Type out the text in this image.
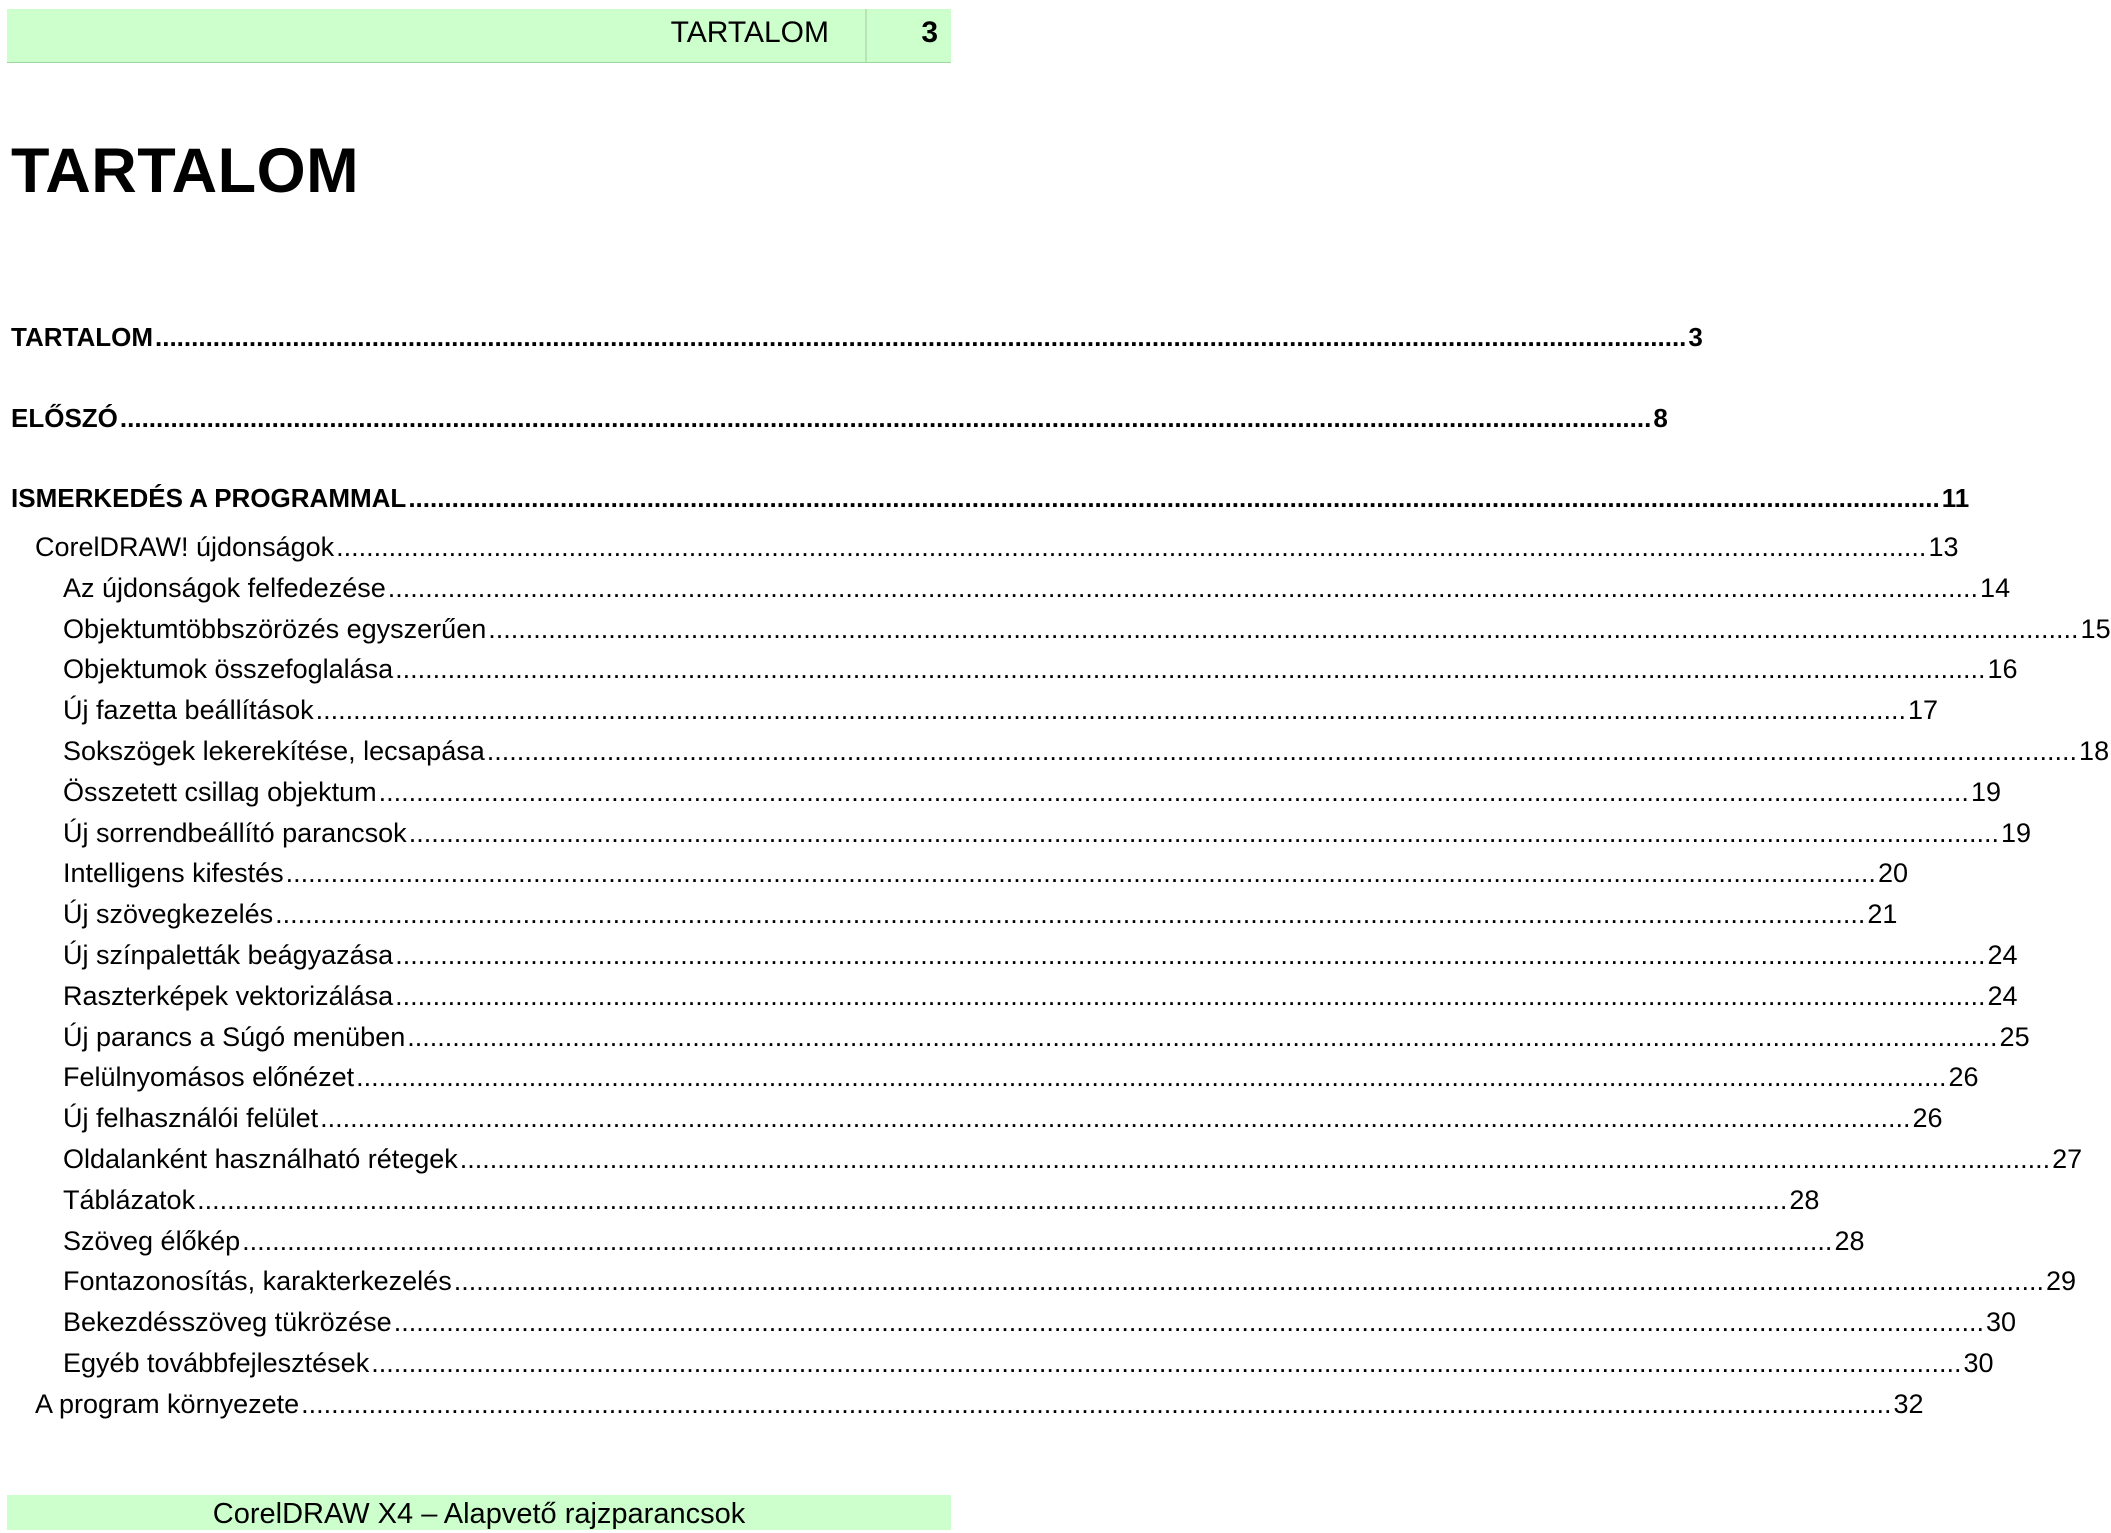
TARTALOM	3
TARTALOM
TARTALOM .................................................................................................................................................................................................................... 3
ELŐSZÓ .................................................................................................................................................................................................................... 8
ISMERKEDÉS A PROGRAMMAL .................................................................................................................................................................................................................... 11
CorelDRAW! újdonságok .................................................................................................................................................................................................................... 13
Az újdonságok felfedezése .................................................................................................................................................................................................................... 14
Objektumtöbbszörözés egyszerűen .................................................................................................................................................................................................................... 15
Objektumok összefoglalása .................................................................................................................................................................................................................... 16
Új fazetta beállítások .................................................................................................................................................................................................................... 17
Sokszögek lekerekítése, lecsapása .................................................................................................................................................................................................................... 18
Összetett csillag objektum .................................................................................................................................................................................................................... 19
Új sorrendbeállító parancsok .................................................................................................................................................................................................................... 19
Intelligens kifestés .................................................................................................................................................................................................................... 20
Új szövegkezelés .................................................................................................................................................................................................................... 21
Új színpaletták beágyazása .................................................................................................................................................................................................................... 24
Raszterképek vektorizálása .................................................................................................................................................................................................................... 24
Új parancs a Súgó menüben .................................................................................................................................................................................................................... 25
Felülnyomásos előnézet .................................................................................................................................................................................................................... 26
Új felhasználói felület .................................................................................................................................................................................................................... 26
Oldalanként használható rétegek .................................................................................................................................................................................................................... 27
Táblázatok .................................................................................................................................................................................................................... 28
Szöveg élőkép .................................................................................................................................................................................................................... 28
Fontazonosítás, karakterkezelés .................................................................................................................................................................................................................... 29
Bekezdésszöveg tükrözése .................................................................................................................................................................................................................... 30
Egyéb továbbfejlesztések .................................................................................................................................................................................................................... 30
A program környezete .................................................................................................................................................................................................................... 32
CorelDRAW X4 – Alapvető rajzparancsok
